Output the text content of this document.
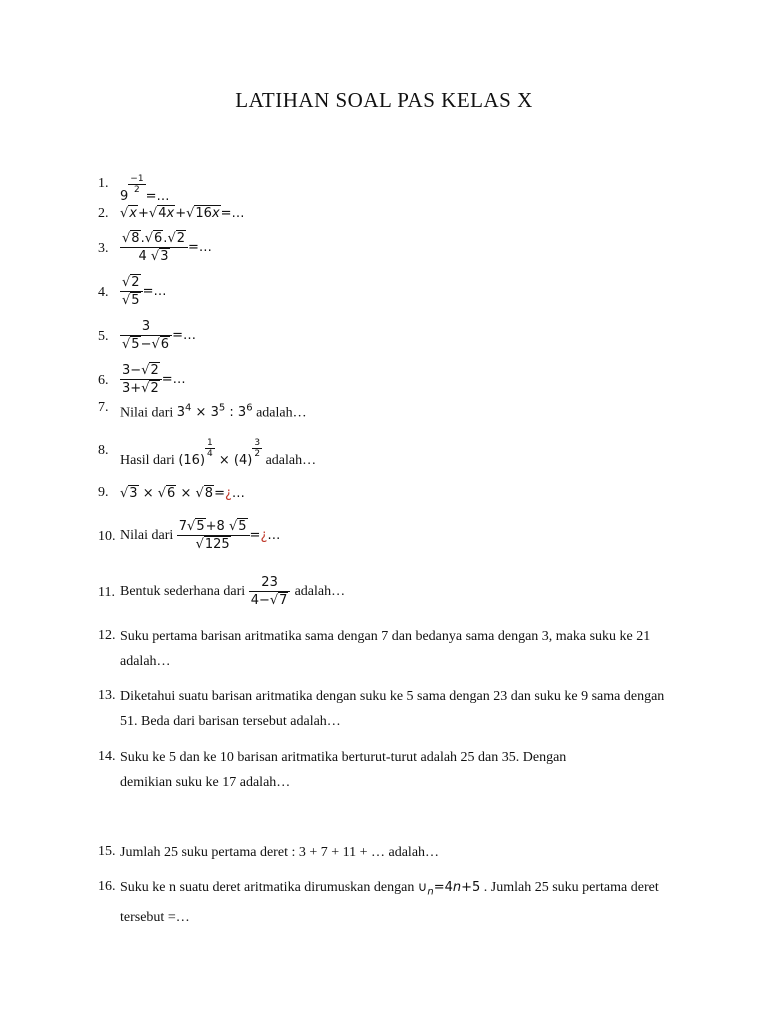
LATIHAN SOAL PAS KELAS X
1.
9
$\frac{-1}{2}$
=…
2. √x+√4x+√16x=…
3. $\frac{√8.√6.√2}{4 √3}$ =…
4. $\frac{√2}{√5}$ =…
5. $\frac{3}{√5-√6}$ =…
6. $\frac{3-√2}{3+√2}$ =…
7. Nilai dari $3^4 \times 3^5$ : $3^6$ adalah…
8.
Hasil dari (16)
$\frac{1}{4}$
× (4)
$\frac{3}{2}$
adalah…
9. √3 × √6 × √8=¿…
10. Nilai dari $\frac{7√5+8 √5}{√125}$ =¿…
11. Bentuk sederhana dari $\frac{23}{4-√7}$ adalah…
12. Suku pertama barisan aritmatika sama dengan 7 dan bedanya sama dengan 3, maka suku ke 21 adalah…
13. Diketahui suatu barisan aritmatika dengan suku ke 5 sama dengan 23 dan suku ke 9 sama dengan 51. Beda dari barisan tersebut adalah…
14. Suku ke 5 dan ke 10 barisan aritmatika berturut-turut adalah 25 dan 35. Dengan demikian suku ke 17 adalah…
15. Jumlah 25 suku pertama deret : 3 + 7 + 11 + … adalah…
16. Suku ke n suatu deret aritmatika dirumuskan dengan $\cup_n=4n+5$ . Jumlah 25 suku pertama deret tersebut =…
